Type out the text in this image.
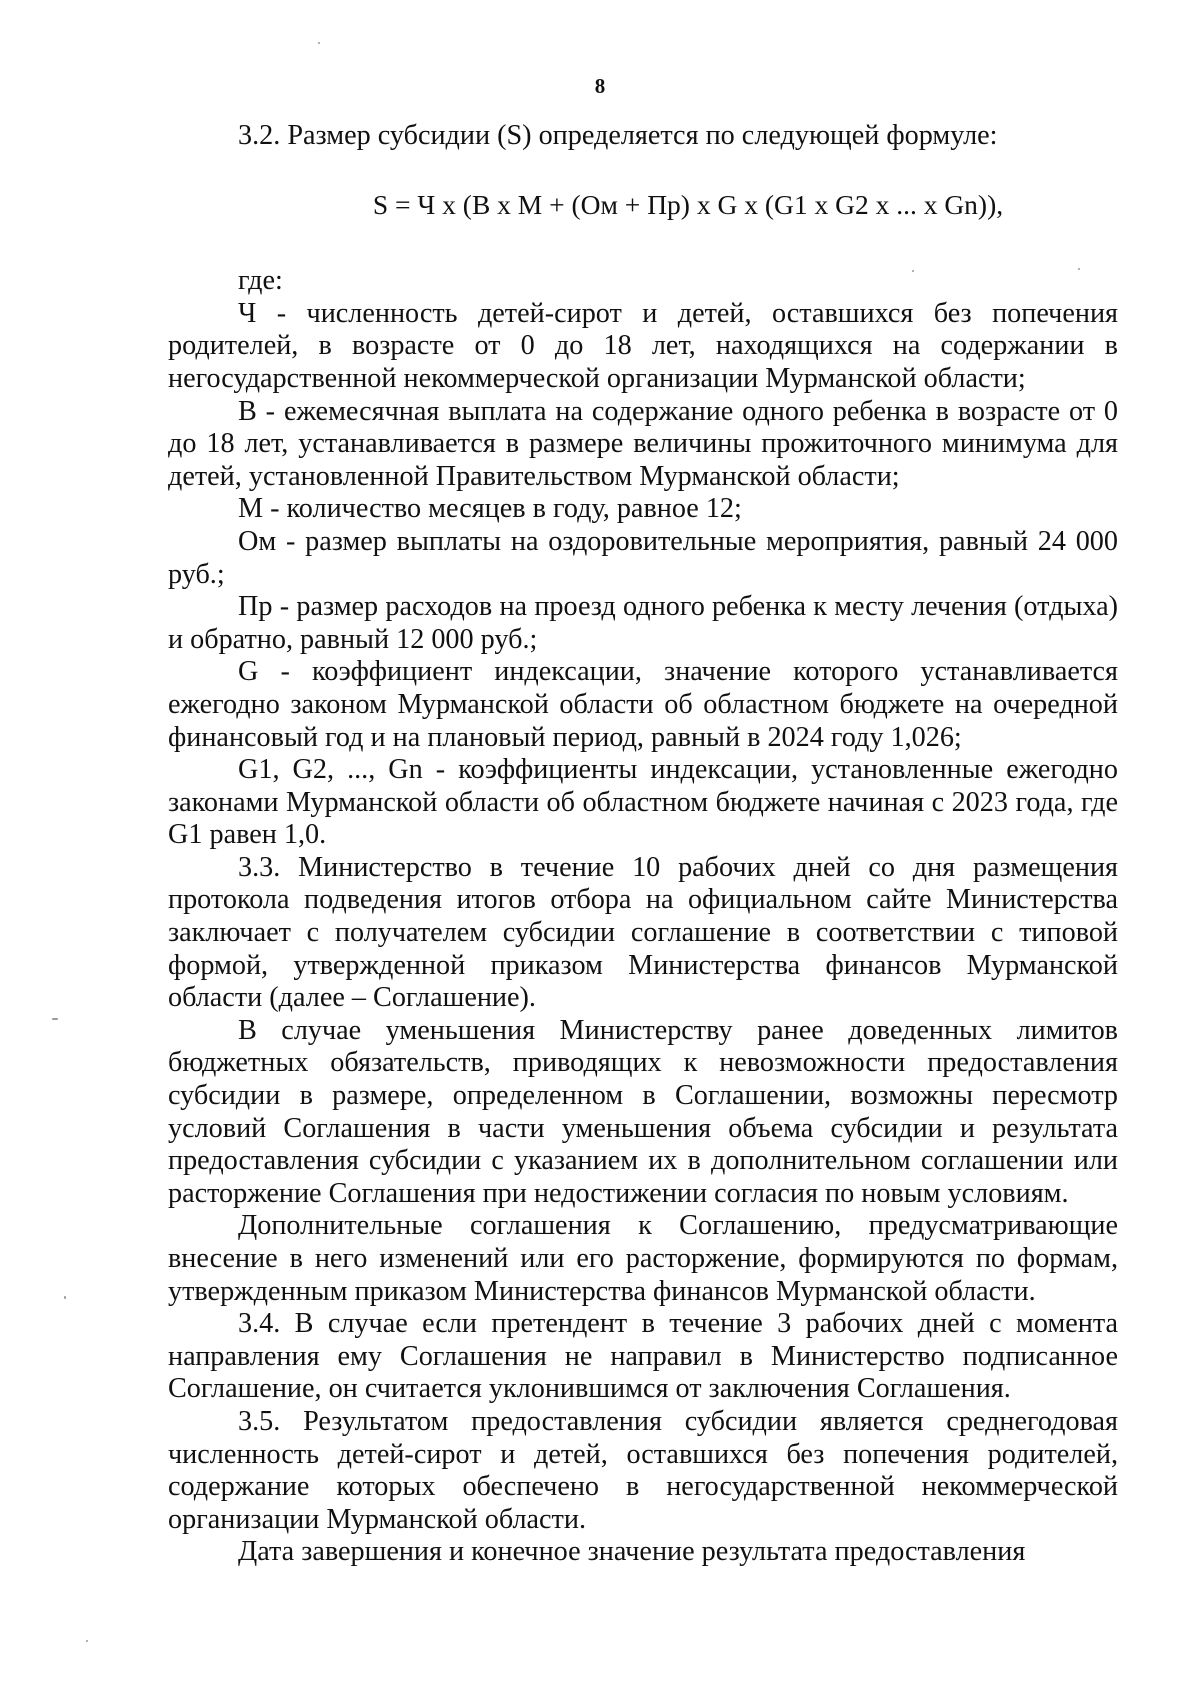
8

3.2. Размер субсидии (S) определяется по следующей формуле:

S = Ч х (В х М + (Ом + Пр) х G х (G1 х G2 х ... х Gn)),

где:

Ч - численность детей-сирот и детей, оставшихся без попечения родителей, в возрасте от 0 до 18 лет, находящихся на содержании в негосударственной некоммерческой организации Мурманской области;

В - ежемесячная выплата на содержание одного ребенка в возрасте от 0 до 18 лет, устанавливается в размере величины прожиточного минимума для детей, установленной Правительством Мурманской области;

М - количество месяцев в году, равное 12;

Ом - размер выплаты на оздоровительные мероприятия, равный 24 000 руб.;

Пр - размер расходов на проезд одного ребенка к месту лечения (отдыха) и обратно, равный 12 000 руб.;

G - коэффициент индексации, значение которого устанавливается ежегодно законом Мурманской области об областном бюджете на очередной финансовый год и на плановый период, равный в 2024 году 1,026;

G1, G2, ..., Gn - коэффициенты индексации, установленные ежегодно законами Мурманской области об областном бюджете начиная с 2023 года, где G1 равен 1,0.

3.3. Министерство в течение 10 рабочих дней со дня размещения протокола подведения итогов отбора на официальном сайте Министерства заключает с получателем субсидии соглашение в соответствии с типовой формой, утвержденной приказом Министерства финансов Мурманской области (далее – Соглашение).

В случае уменьшения Министерству ранее доведенных лимитов бюджетных обязательств, приводящих к невозможности предоставления субсидии в размере, определенном в Соглашении, возможны пересмотр условий Соглашения в части уменьшения объема субсидии и результата предоставления субсидии с указанием их в дополнительном соглашении или расторжение Соглашения при недостижении согласия по новым условиям.

Дополнительные соглашения к Соглашению, предусматривающие внесение в него изменений или его расторжение, формируются по формам, утвержденным приказом Министерства финансов Мурманской области.

3.4. В случае если претендент в течение 3 рабочих дней с момента направления ему Соглашения не направил в Министерство подписанное Соглашение, он считается уклонившимся от заключения Соглашения.

3.5. Результатом предоставления субсидии является среднегодовая численность детей-сирот и детей, оставшихся без попечения родителей, содержание которых обеспечено в негосударственной некоммерческой организации Мурманской области.

Дата завершения и конечное значение результата предоставления
